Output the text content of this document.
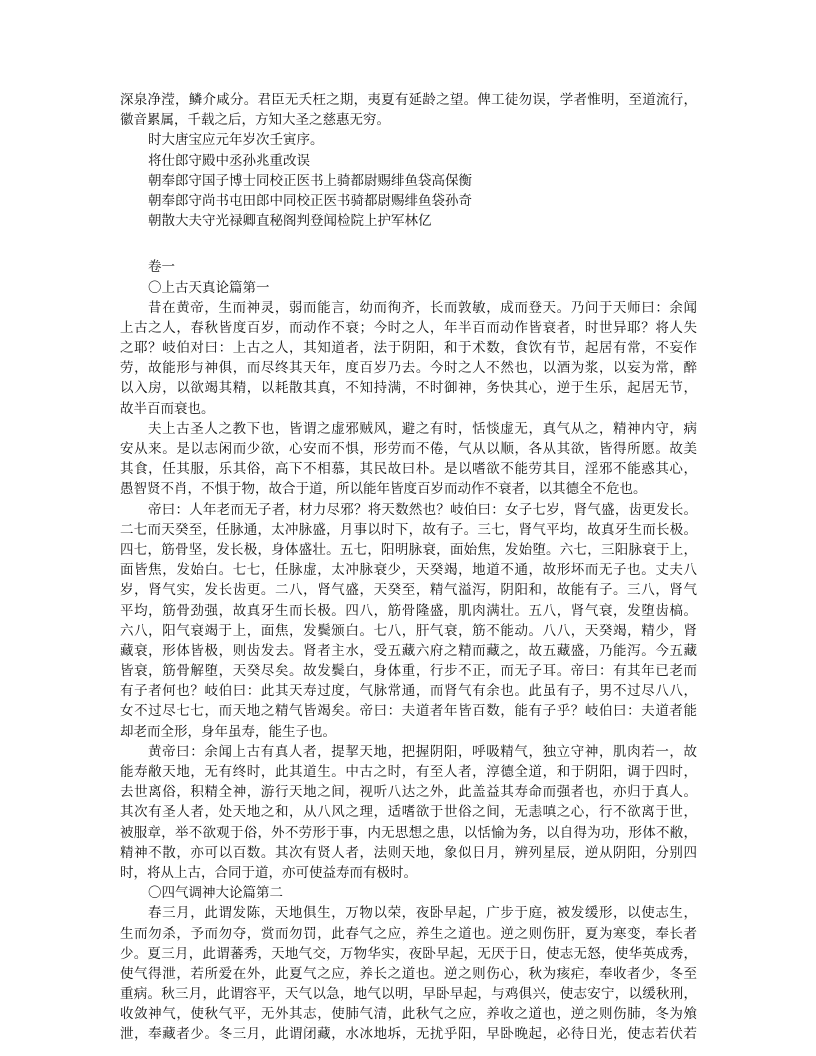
深泉净滢，鳞介咸分。君臣无夭枉之期，夷夏有延龄之望。俾工徒勿误，学者惟明，至道流行，
徽音累属，千载之后，方知大圣之慈惠无穷。
时大唐宝应元年岁次壬寅序。
将仕郎守殿中丞孙兆重改误
朝奉郎守国子博士同校正医书上骑都尉赐绯鱼袋高保衡
朝奉郎守尚书屯田郎中同校正医书骑都尉赐绯鱼袋孙奇
朝散大夫守光禄卿直秘阁判登闻检院上护军林亿
卷一
〇上古天真论篇第一
昔在黄帝，生而神灵，弱而能言，幼而徇齐，长而敦敏，成而登天。乃问于天师曰：余闻
上古之人，春秋皆度百岁，而动作不衰；今时之人，年半百而动作皆衰者，时世异耶？将人失
之耶？岐伯对曰：上古之人，其知道者，法于阴阳，和于术数，食饮有节，起居有常，不妄作
劳，故能形与神俱，而尽终其天年，度百岁乃去。今时之人不然也，以酒为浆，以妄为常，醉
以入房，以欲竭其精，以耗散其真，不知持满，不时御神，务快其心，逆于生乐，起居无节，
故半百而衰也。
夫上古圣人之教下也，皆谓之虚邪贼风，避之有时，恬惔虚无，真气从之，精神内守，病
安从来。是以志闲而少欲，心安而不惧，形劳而不倦，气从以顺，各从其欲，皆得所愿。故美
其食，任其服，乐其俗，高下不相慕，其民故曰朴。是以嗜欲不能劳其目，淫邪不能惑其心，
愚智贤不肖，不惧于物，故合于道，所以能年皆度百岁而动作不衰者，以其德全不危也。
帝曰：人年老而无子者，材力尽邪？将天数然也？岐伯曰：女子七岁，肾气盛，齿更发长。
二七而天癸至，任脉通，太冲脉盛，月事以时下，故有子。三七，肾气平均，故真牙生而长极。
四七，筋骨坚，发长极，身体盛壮。五七，阳明脉衰，面始焦，发始堕。六七，三阳脉衰于上，
面皆焦，发始白。七七，任脉虚，太冲脉衰少，天癸竭，地道不通，故形坏而无子也。丈夫八
岁，肾气实，发长齿更。二八，肾气盛，天癸至，精气溢泻，阴阳和，故能有子。三八，肾气
平均，筋骨劲强，故真牙生而长极。四八，筋骨隆盛，肌肉满壮。五八，肾气衰，发堕齿槁。
六八，阳气衰竭于上，面焦，发鬓颁白。七八，肝气衰，筋不能动。八八，天癸竭，精少，肾
藏衰，形体皆极，则齿发去。肾者主水，受五藏六府之精而藏之，故五藏盛，乃能泻。今五藏
皆衰，筋骨解堕，天癸尽矣。故发鬓白，身体重，行步不正，而无子耳。帝曰：有其年已老而
有子者何也？岐伯曰：此其天寿过度，气脉常通，而肾气有余也。此虽有子，男不过尽八八，
女不过尽七七，而天地之精气皆竭矣。帝曰：夫道者年皆百数，能有子乎？岐伯曰：夫道者能
却老而全形，身年虽寿，能生子也。
黄帝曰：余闻上古有真人者，提挈天地，把握阴阳，呼吸精气，独立守神，肌肉若一，故
能寿敝天地，无有终时，此其道生。中古之时，有至人者，淳德全道，和于阴阳，调于四时，
去世离俗，积精全神，游行天地之间，视听八达之外，此盖益其寿命而强者也，亦归于真人。
其次有圣人者，处天地之和，从八风之理，适嗜欲于世俗之间，无恚嗔之心，行不欲离于世，
被服章，举不欲观于俗，外不劳形于事，内无思想之患，以恬愉为务，以自得为功，形体不敝，
精神不散，亦可以百数。其次有贤人者，法则天地，象似日月，辨列星辰，逆从阴阳，分别四
时，将从上古，合同于道，亦可使益寿而有极时。
〇四气调神大论篇第二
春三月，此谓发陈，天地俱生，万物以荣，夜卧早起，广步于庭，被发缓形，以使志生，
生而勿杀，予而勿夺，赏而勿罚，此春气之应，养生之道也。逆之则伤肝，夏为寒变，奉长者
少。夏三月，此谓蕃秀，天地气交，万物华实，夜卧早起，无厌于日，使志无怒，使华英成秀，
使气得泄，若所爱在外，此夏气之应，养长之道也。逆之则伤心，秋为痎疟，奉收者少，冬至
重病。秋三月，此谓容平，天气以急，地气以明，早卧早起，与鸡俱兴，使志安宁，以缓秋刑，
收敛神气，使秋气平，无外其志，使肺气清，此秋气之应，养收之道也，逆之则伤肺，冬为飧
泄，奉藏者少。冬三月，此谓闭藏，水冰地坼，无扰乎阳，早卧晚起，必待日光，使志若伏若
